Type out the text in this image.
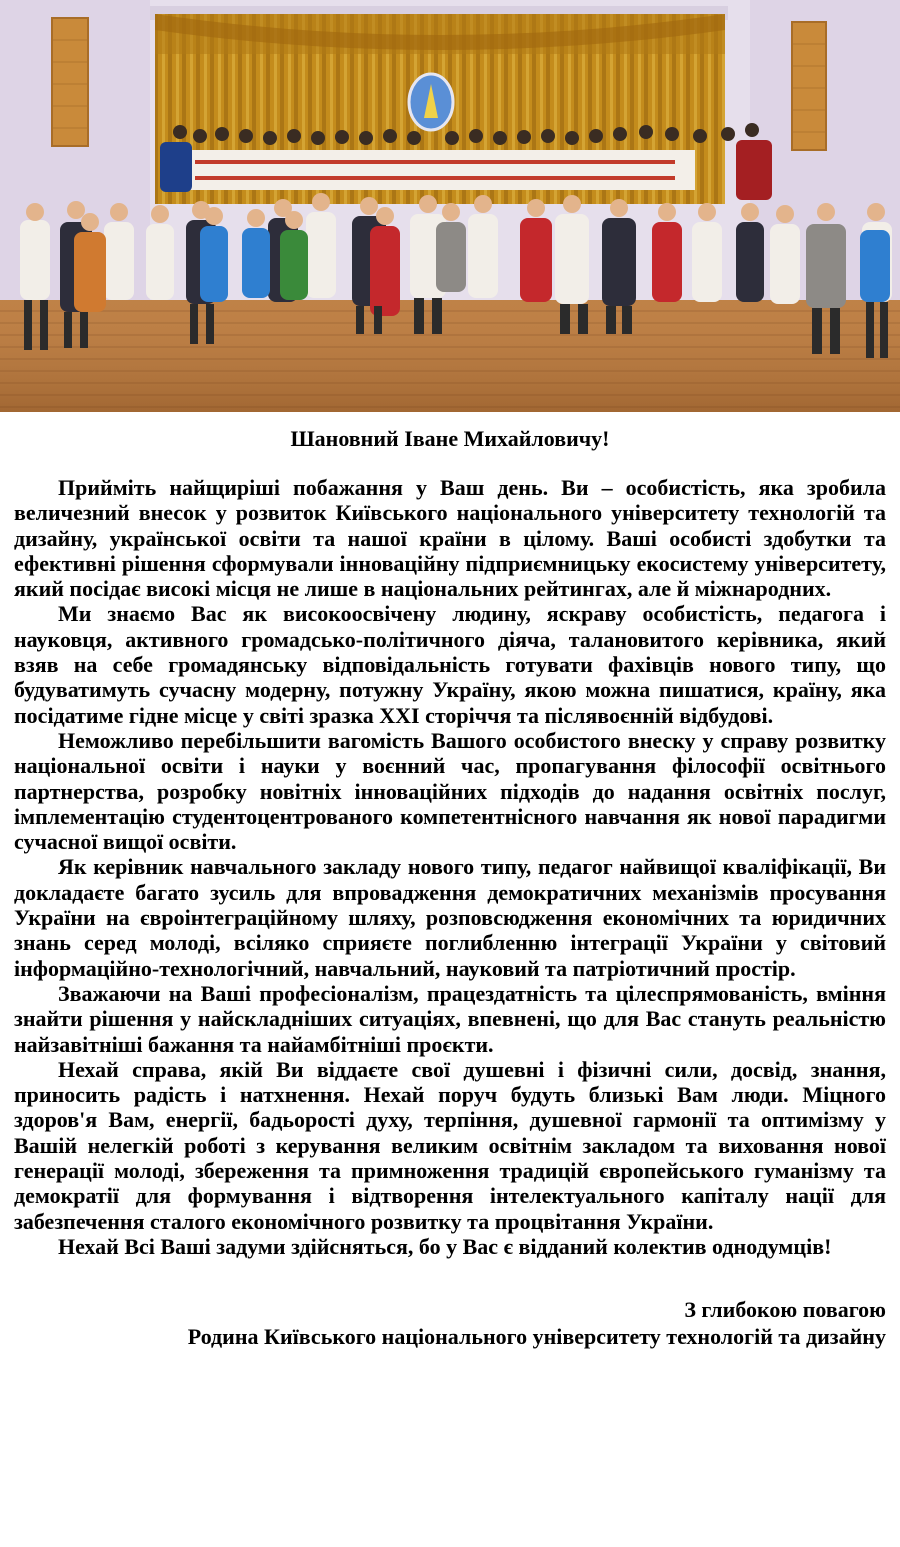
Шановний Іване Михайловичу!

Прийміть найщиріші побажання у Ваш день. Ви – особистість, яка зробила величезний внесок у розвиток Київського національного університету технологій та дизайну, української освіти та нашої країни в цілому. Ваші особисті здобутки та ефективні рішення сформували інноваційну підприємницьку екосистему університету, який посідає високі місця не лише в національних рейтингах, але й міжнародних.

Ми знаємо Вас як високоосвічену людину, яскраву особистість, педагога і науковця, активного громадсько-політичного діяча, талановитого керівника, який взяв на себе громадянську відповідальність готувати фахівців нового типу, що будуватимуть сучасну модерну, потужну Україну, якою можна пишатися, країну, яка посідатиме гідне місце у світі зразка XXI сторіччя та післявоєнній відбудові.

Неможливо перебільшити вагомість Вашого особистого внеску у справу розвитку національної освіти і науки у воєнний час, пропагування філософії освітнього партнерства, розробку новітніх інноваційних підходів до надання освітніх послуг, імплементацію студентоцентрованого компетентнісного навчання як нової парадигми сучасної вищої освіти.

Як керівник навчального закладу нового типу, педагог найвищої кваліфікації, Ви докладаєте багато зусиль для впровадження демократичних механізмів просування України на євроінтеграційному шляху, розповсюдження економічних та юридичних знань серед молоді, всіляко сприяєте поглибленню інтеграції України у світовий інформаційно-технологічний, навчальний, науковий та патріотичний простір.

Зважаючи на Ваші професіоналізм, працездатність та цілеспрямованість, вміння знайти рішення у найскладніших ситуаціях, впевнені, що для Вас стануть реальністю найзавітніші бажання та найамбітніші проєкти.

Нехай справа, якій Ви віддаєте свої душевні і фізичні сили, досвід, знання, приносить радість і натхнення. Нехай поруч будуть близькі Вам люди. Міцного здоров'я Вам, енергії, бадьорості духу, терпіння, душевної гармонії та оптимізму у Вашій нелегкій роботі з керування великим освітнім закладом та виховання нової генерації молоді, збереження та примноження традицій європейського гуманізму та демократії для формування і відтворення інтелектуального капіталу нації для забезпечення сталого економічного розвитку та процвітання України.

Нехай Всі Ваші задуми здійсняться, бо у Вас є відданий колектив однодумців!

З глибокою повагою
Родина Київського національного університету технологій та дизайну
